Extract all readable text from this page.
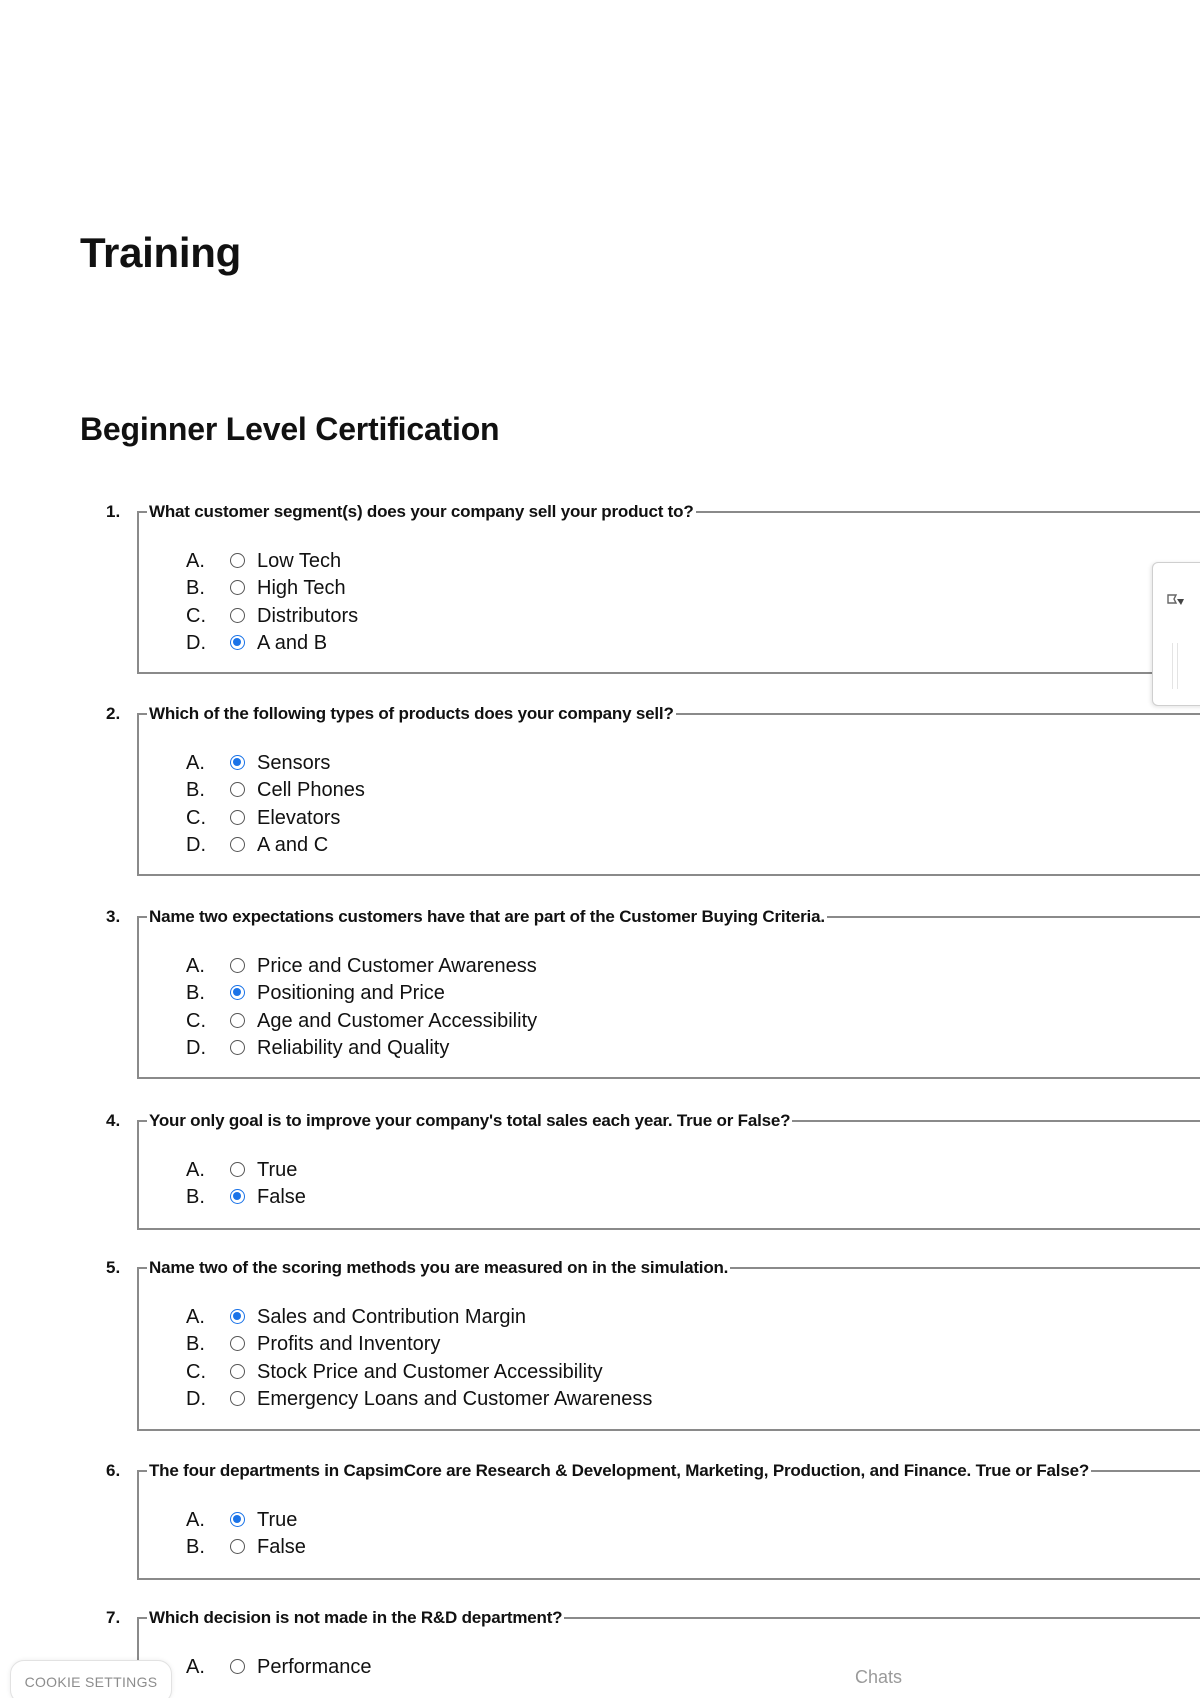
Training
Beginner Level Certification
1. What customer segment(s) does your company sell your product to?
A.	Low Tech
B.	High Tech
C.	Distributors
D.	A and B
2. Which of the following types of products does your company sell?
A.	Sensors
B.	Cell Phones
C.	Elevators
D.	A and C
3. Name two expectations customers have that are part of the Customer Buying Criteria.
A.	Price and Customer Awareness
B.	Positioning and Price
C.	Age and Customer Accessibility
D.	Reliability and Quality
4. Your only goal is to improve your company's total sales each year. True or False?
A.	True
B.	False
5. Name two of the scoring methods you are measured on in the simulation.
A.	Sales and Contribution Margin
B.	Profits and Inventory
C.	Stock Price and Customer Accessibility
D.	Emergency Loans and Customer Awareness
6. The four departments in CapsimCore are Research & Development, Marketing, Production, and Finance. True or False?
A.	True
B.	False
7. Which decision is not made in the R&D department?
A.	Performance
COOKIE SETTINGS	Chats
